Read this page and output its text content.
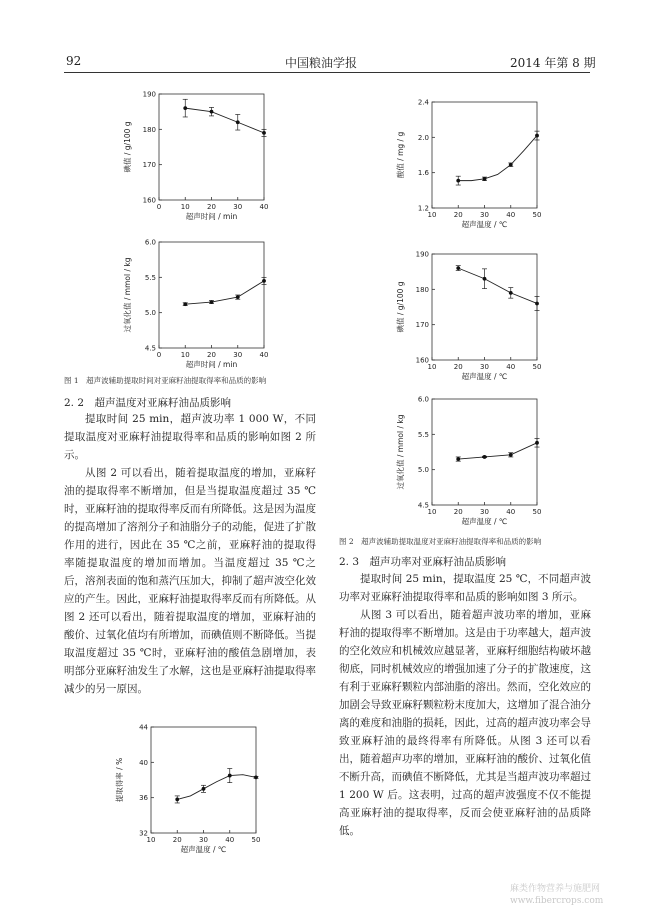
92	中国粮油学报	2014 年第 8 期
0	10 20 30 40
160
170
180
190
超声时间 / min
碘值 / g/100 g
0	10 20 30 40
4.5
5.0
5.5
6.0
超声时间 / min
过氧化值 / mmol / kg
10 20 30 40 50
1.2
1.6
2.0
2.4
超声温度 / ℃
酸值 / mg / g
10 20 30 40 50
160
170
180
190
超声温度 / ℃
碘值 / g/100 g
10 20 30 40 50
4.5
5.0
5.5
6.0
超声温度 / ℃
过氧化值 / mmol / kg
10 20 30 40 50
32
36
40
44
超声温度 / ℃
提取得率 / %
图 1　超声波辅助提取时间对亚麻籽油提取得率和品质的影响
图 2　超声波辅助提取温度对亚麻籽油提取得率和品质的影响
2. 2　超声温度对亚麻籽油品质影响

提取时间 25 min，超声波功率 1 000 W，不同提取温度对亚麻籽油提取得率和品质的影响如图 2 所示。

从图 2 可以看出，随着提取温度的增加，亚麻籽油的提取得率不断增加，但是当提取温度超过 35 ℃时，亚麻籽油的提取得率反而有所降低。这是因为温度的提高增加了溶剂分子和油脂分子的动能，促进了扩散作用的进行，因此在 35 ℃之前，亚麻籽油的提取得率随提取温度的增加而增加。当温度超过 35 ℃之后，溶剂表面的饱和蒸汽压加大，抑制了超声波空化效应的产生。因此，亚麻籽油提取得率反而有所降低。从图 2 还可以看出，随着提取温度的增加，亚麻籽油的酸价、过氧化值均有所增加，而碘值则不断降低。当提取温度超过 35 ℃时，亚麻籽油的酸值急剧增加，表明部分亚麻籽油发生了水解，这也是亚麻籽油提取得率减少的另一原因。

2. 3　超声功率对亚麻籽油品质影响

提取时间 25 min，提取温度 25 ℃，不同超声波功率对亚麻籽油提取得率和品质的影响如图 3 所示。

从图 3 可以看出，随着超声波功率的增加，亚麻籽油的提取得率不断增加。这是由于功率越大，超声波的空化效应和机械效应越显著，亚麻籽细胞结构破坏越彻底，同时机械效应的增强加速了分子的扩散速度，这有利于亚麻籽颗粒内部油脂的溶出。然而，空化效应的加剧会导致亚麻籽颗粒粉末度加大，这增加了混合油分离的难度和油脂的损耗，因此，过高的超声波功率会导致亚麻籽油的最终得率有所降低。从图 3 还可以看出，随着超声功率的增加，亚麻籽油的酸价、过氧化值不断升高，而碘值不断降低，尤其是当超声波功率超过 1 200 W 后。这表明，过高的超声波强度不仅不能提高亚麻籽油的提取得率，反而会使亚麻籽油的品质降低。

麻类作物营养与施肥网
www.fibercrops.com
